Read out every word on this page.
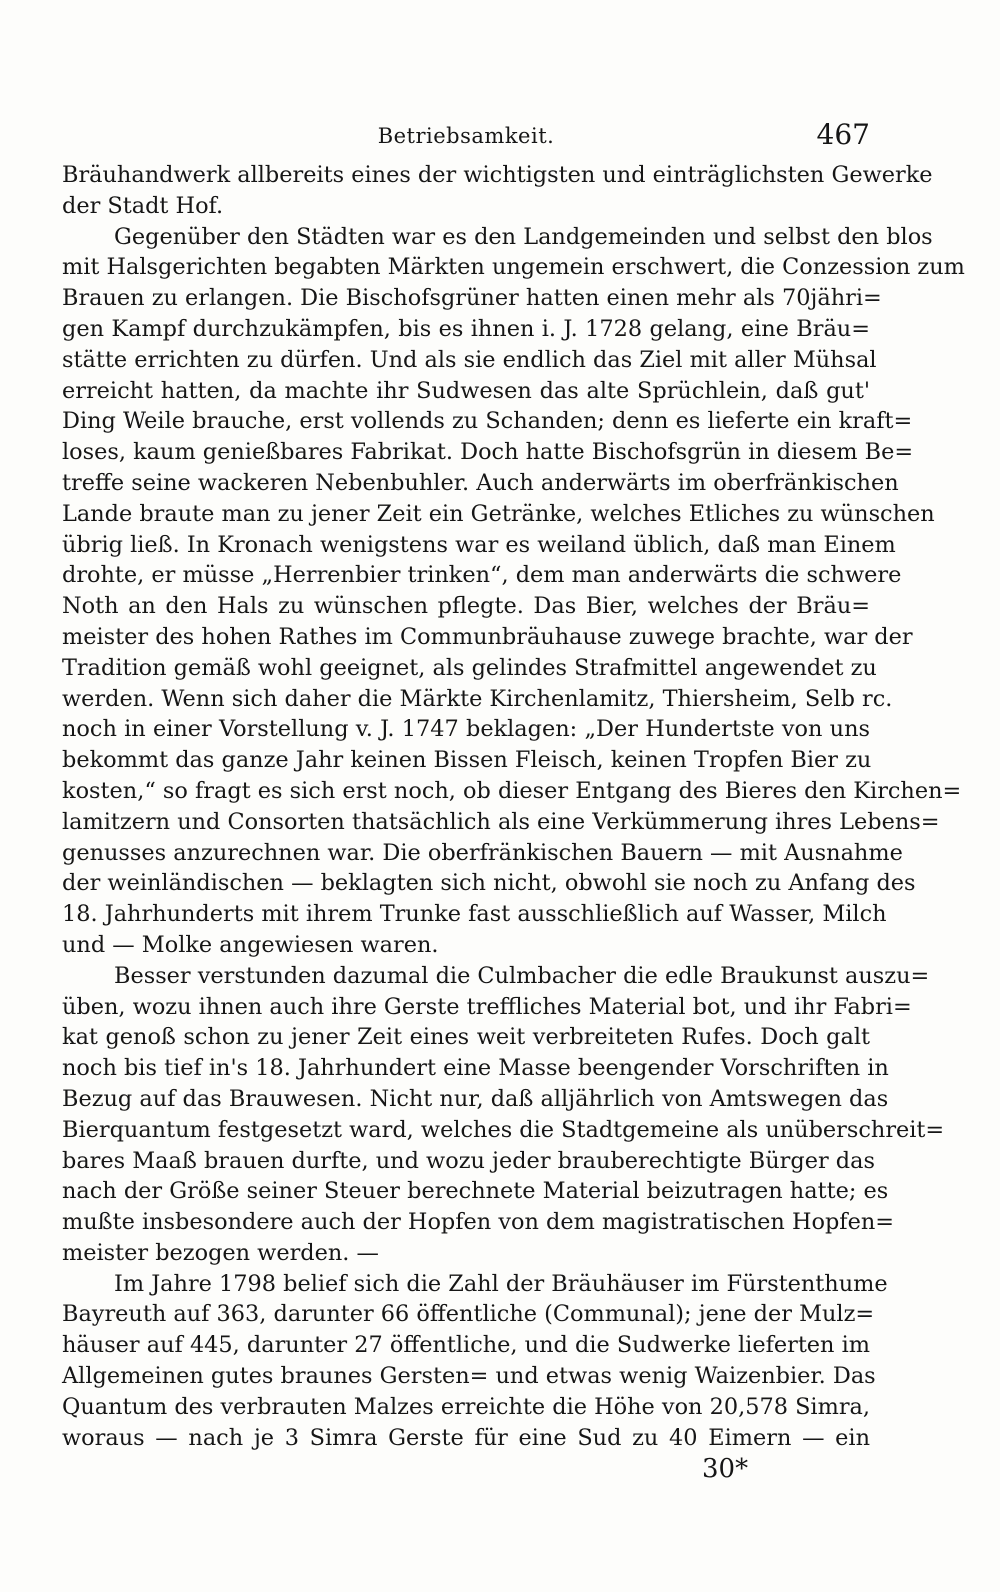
Betriebsamkeit.	467
Bräuhandwerk allbereits eines der wichtigsten und einträglichsten Gewerke
der Stadt Hof.
Gegenüber den Städten war es den Landgemeinden und selbst den blos
mit Halsgerichten begabten Märkten ungemein erschwert, die Conzession zum
Brauen zu erlangen. Die Bischofsgrüner hatten einen mehr als 70jähri=
gen Kampf durchzukämpfen, bis es ihnen i. J. 1728 gelang, eine Bräu=
stätte errichten zu dürfen. Und als sie endlich das Ziel mit aller Mühsal
erreicht hatten, da machte ihr Sudwesen das alte Sprüchlein, daß gut'
Ding Weile brauche, erst vollends zu Schanden; denn es lieferte ein kraft=
loses, kaum genießbares Fabrikat. Doch hatte Bischofsgrün in diesem Be=
treffe seine wackeren Nebenbuhler. Auch anderwärts im oberfränkischen
Lande braute man zu jener Zeit ein Getränke, welches Etliches zu wünschen
übrig ließ. In Kronach wenigstens war es weiland üblich, daß man Einem
drohte, er müsse „Herrenbier trinken“, dem man anderwärts die schwere
Noth an den Hals zu wünschen pflegte. Das Bier, welches der Bräu=
meister des hohen Rathes im Communbräuhause zuwege brachte, war der
Tradition gemäß wohl geeignet, als gelindes Strafmittel angewendet zu
werden. Wenn sich daher die Märkte Kirchenlamitz, Thiersheim, Selb rc.
noch in einer Vorstellung v. J. 1747 beklagen: „Der Hundertste von uns
bekommt das ganze Jahr keinen Bissen Fleisch, keinen Tropfen Bier zu
kosten,“ so fragt es sich erst noch, ob dieser Entgang des Bieres den Kirchen=
lamitzern und Consorten thatsächlich als eine Verkümmerung ihres Lebens=
genusses anzurechnen war. Die oberfränkischen Bauern — mit Ausnahme
der weinländischen — beklagten sich nicht, obwohl sie noch zu Anfang des
18. Jahrhunderts mit ihrem Trunke fast ausschließlich auf Wasser, Milch
und — Molke angewiesen waren.
Besser verstunden dazumal die Culmbacher die edle Braukunst auszu=
üben, wozu ihnen auch ihre Gerste treffliches Material bot, und ihr Fabri=
kat genoß schon zu jener Zeit eines weit verbreiteten Rufes. Doch galt
noch bis tief in's 18. Jahrhundert eine Masse beengender Vorschriften in
Bezug auf das Brauwesen. Nicht nur, daß alljährlich von Amtswegen das
Bierquantum festgesetzt ward, welches die Stadtgemeine als unüberschreit=
bares Maaß brauen durfte, und wozu jeder brauberechtigte Bürger das
nach der Größe seiner Steuer berechnete Material beizutragen hatte; es
mußte insbesondere auch der Hopfen von dem magistratischen Hopfen=
meister bezogen werden. —
Im Jahre 1798 belief sich die Zahl der Bräuhäuser im Fürstenthume
Bayreuth auf 363, darunter 66 öffentliche (Communal); jene der Mulz=
häuser auf 445, darunter 27 öffentliche, und die Sudwerke lieferten im
Allgemeinen gutes braunes Gersten= und etwas wenig Waizenbier. Das
Quantum des verbrauten Malzes erreichte die Höhe von 20,578 Simra,
woraus — nach je 3 Simra Gerste für eine Sud zu 40 Eimern — ein
30*
